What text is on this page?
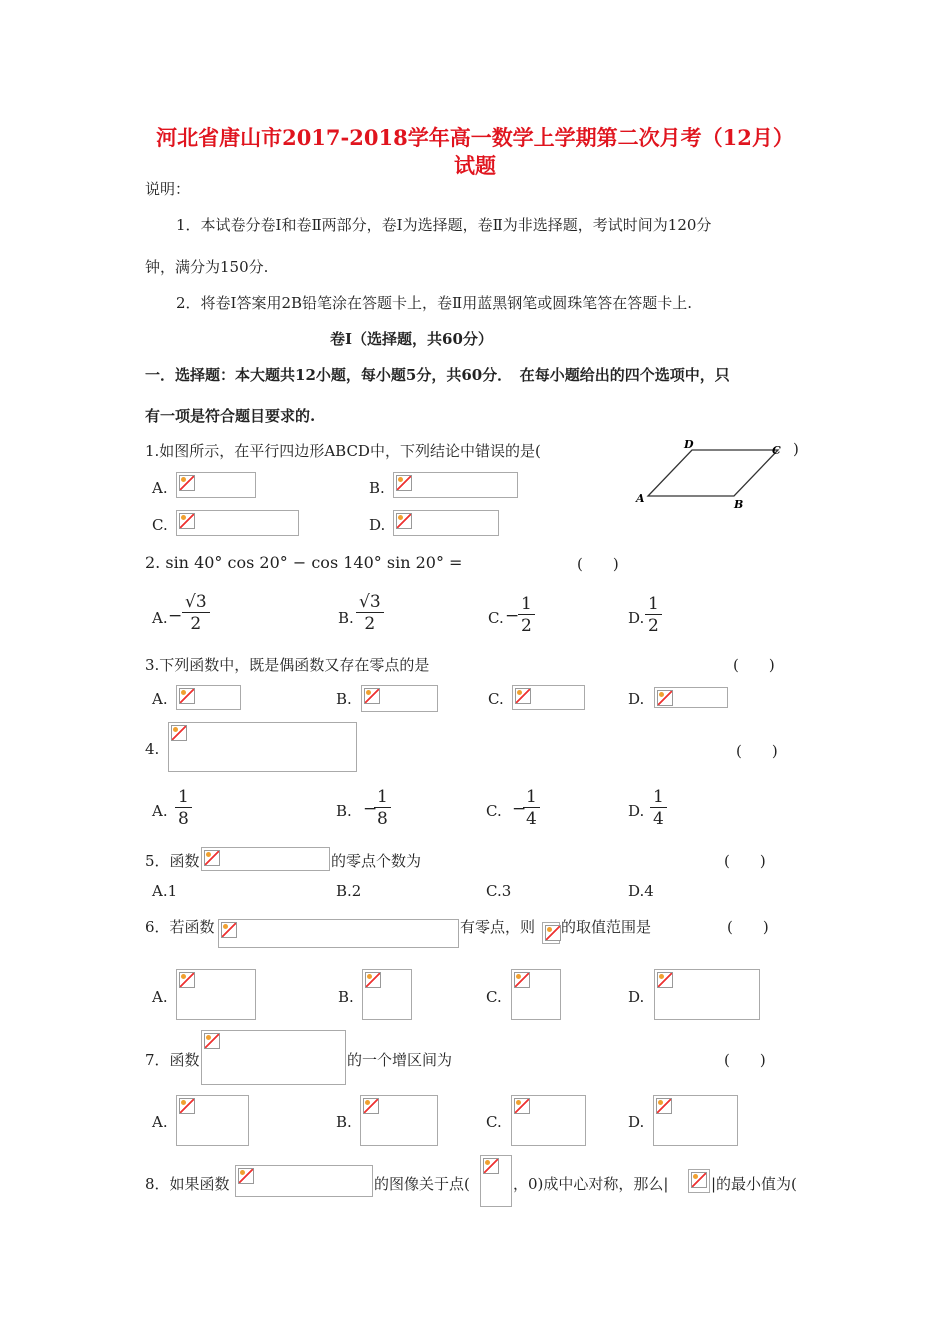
河北省唐山市2017-2018学年高一数学上学期第二次月考（12月）
试题
说明：
1．本试卷分卷Ⅰ和卷Ⅱ两部分，卷Ⅰ为选择题，卷Ⅱ为非选择题，考试时间为120分
钟，满分为150分.
2．将卷Ⅰ答案用2B铅笔涂在答题卡上，卷Ⅱ用蓝黑钢笔或圆珠笔答在答题卡上.
卷Ⅰ（选择题，共60分）
一．选择题：本大题共12小题，每小题5分，共60分．　在每小题给出的四个选项中，只
有一项是符合题目要求的.
1.如图所示，在平行四边形ABCD中，下列结论中错误的是(	)
A	B
C
D
A.	B.
C.	D.
2. sin 40° cos 20° − cos 140° sin 20° =	(　　)
A. − $\frac{√3}{2}$	B. $\frac{√3}{2}$	C. −
$\frac{1}{2}$	D. $\frac{1}{2}$
3.下列函数中，既是偶函数又存在零点的是	(　　)
A.	B.	C.	D.
4.	(　　)
A. $\frac{1}{8}$	B. −
$\frac{1}{8}$	C. −
$\frac{1}{4}$	D. $\frac{1}{4}$
5．函数	的零点个数为	(　　)
A.1	B.2	C.3	D.4
6．若函数	有零点，则 的取值范围是	(　　)
A.	B.	C.	D.
7．函数	的一个增区间为	(　　)
A.	B.	C.	D.
8．如果函数	的图像关于点(	，0)成中心对称，那么|	|的最小值为(
